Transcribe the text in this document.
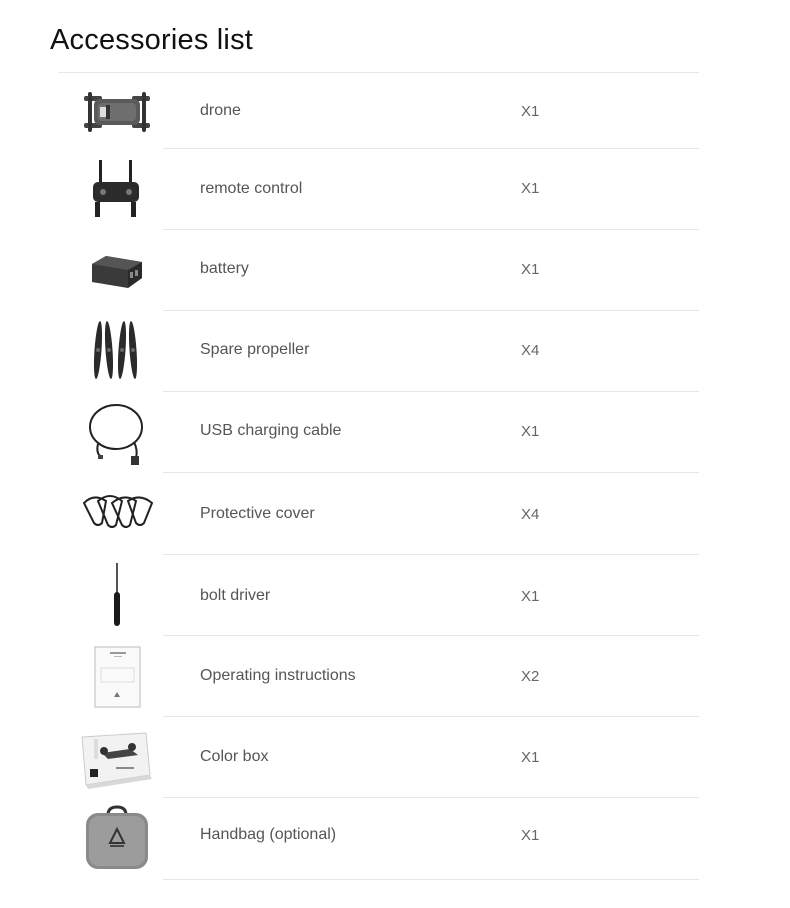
Accessories list
drone	X1
remote control	X1
battery	X1
Spare propeller	X4
USB charging cable	X1
Protective cover	X4
bolt driver	X1
Operating instructions	X2
Color box	X1
Handbag (optional)	X1
